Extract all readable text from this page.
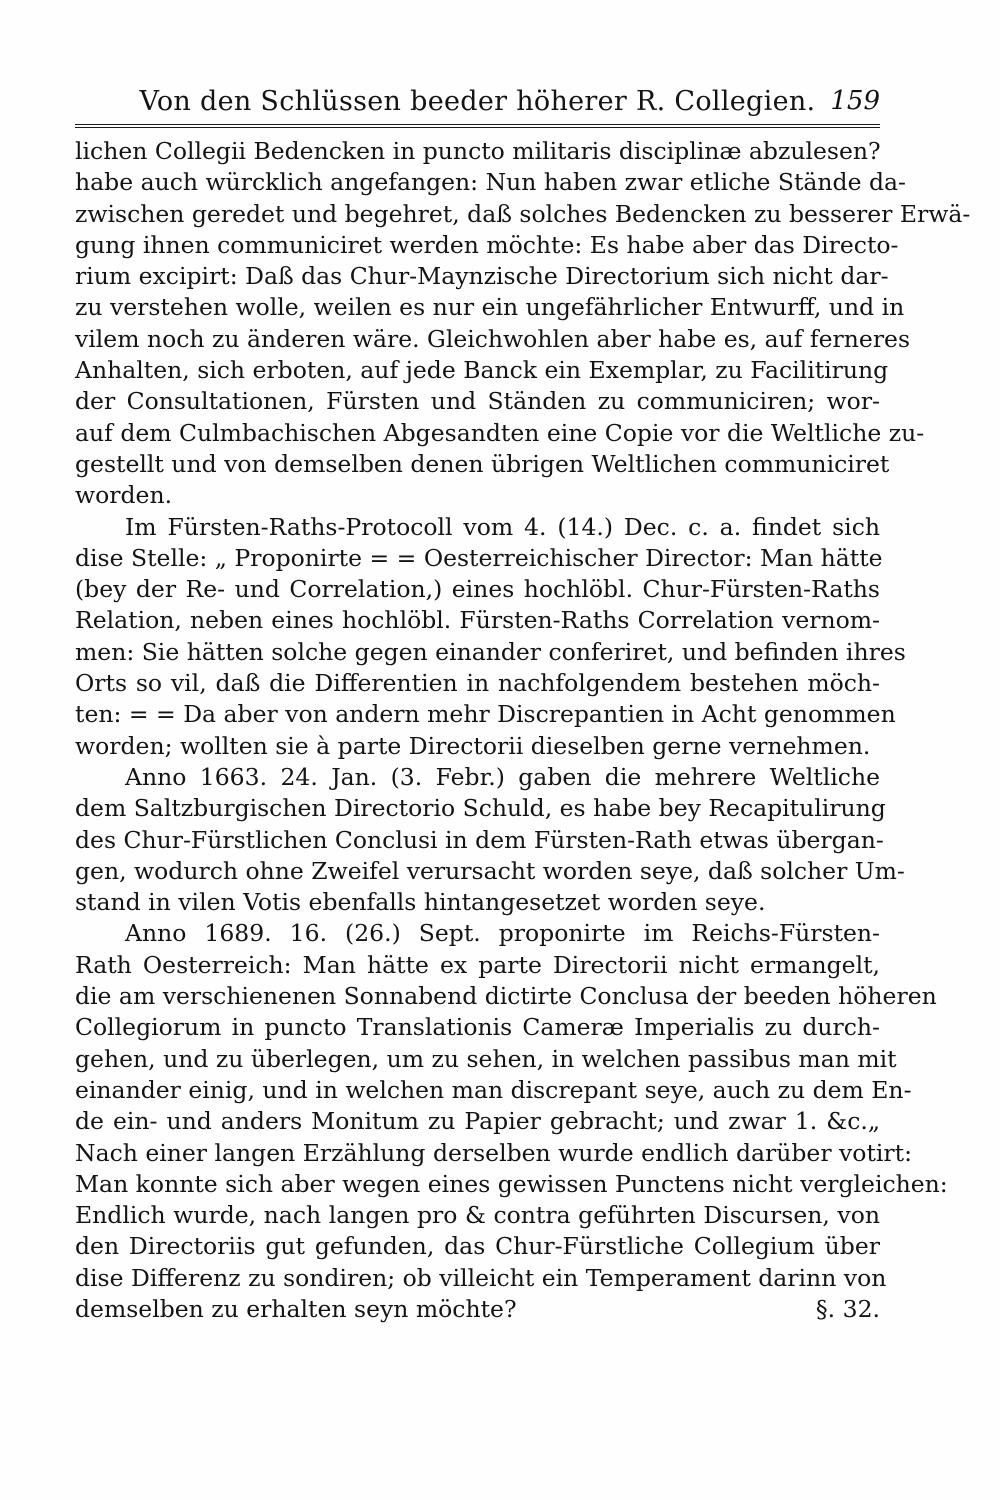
Von den Schlüssen beeder höherer R. Collegien. 159
lichen Collegii Bedencken in puncto militaris disciplinæ abzulesen?
habe auch würcklich angefangen: Nun haben zwar etliche Stände da-
zwischen geredet und begehret, daß solches Bedencken zu besserer Erwä-
gung ihnen communiciret werden möchte: Es habe aber das Directo-
rium excipirt: Daß das Chur-Maynzische Directorium sich nicht dar-
zu verstehen wolle, weilen es nur ein ungefährlicher Entwurff, und in
vilem noch zu änderen wäre. Gleichwohlen aber habe es, auf ferneres
Anhalten, sich erboten, auf jede Banck ein Exemplar, zu Facilitirung
der Consultationen, Fürsten und Ständen zu communiciren; wor-
auf dem Culmbachischen Abgesandten eine Copie vor die Weltliche zu-
gestellt und von demselben denen übrigen Weltlichen communiciret
worden.
Im Fürsten-Raths-Protocoll vom 4. (14.) Dec. c. a. findet sich
dise Stelle: „ Proponirte = = Oesterreichischer Director: Man hätte
(bey der Re- und Correlation,) eines hochlöbl. Chur-Fürsten-Raths
Relation, neben eines hochlöbl. Fürsten-Raths Correlation vernom-
men: Sie hätten solche gegen einander conferiret, und befinden ihres
Orts so vil, daß die Differentien in nachfolgendem bestehen möch-
ten: = = Da aber von andern mehr Discrepantien in Acht genommen
worden; wollten sie à parte Directorii dieselben gerne vernehmen.
Anno 1663. 24. Jan. (3. Febr.) gaben die mehrere Weltliche
dem Saltzburgischen Directorio Schuld, es habe bey Recapitulirung
des Chur-Fürstlichen Conclusi in dem Fürsten-Rath etwas übergan-
gen, wodurch ohne Zweifel verursacht worden seye, daß solcher Um-
stand in vilen Votis ebenfalls hintangesetzet worden seye.
Anno 1689. 16. (26.) Sept. proponirte im Reichs-Fürsten-
Rath Oesterreich: Man hätte ex parte Directorii nicht ermangelt,
die am verschienenen Sonnabend dictirte Conclusa der beeden höheren
Collegiorum in puncto Translationis Cameræ Imperialis zu durch-
gehen, und zu überlegen, um zu sehen, in welchen passibus man mit
einander einig, und in welchen man discrepant seye, auch zu dem En-
de ein- und anders Monitum zu Papier gebracht; und zwar 1. &c.„
Nach einer langen Erzählung derselben wurde endlich darüber votirt:
Man konnte sich aber wegen eines gewissen Punctens nicht vergleichen:
Endlich wurde, nach langen pro & contra geführten Discursen, von
den Directoriis gut gefunden, das Chur-Fürstliche Collegium über
dise Differenz zu sondiren; ob villeicht ein Temperament darinn von
demselben zu erhalten seyn möchte?	§. 32.
